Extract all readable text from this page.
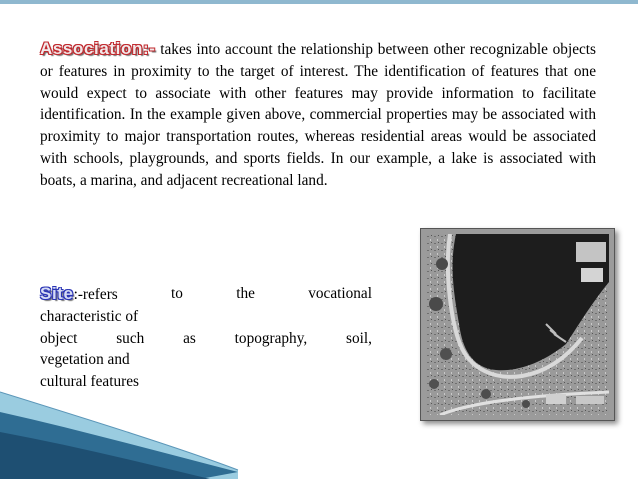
Association:- takes into account the relationship between other recognizable objects or features in proximity to the target of interest. The identification of features that one would expect to associate with other features may provide information to facilitate identification. In the example given above, commercial properties may be associated with proximity to major transportation routes, whereas residential areas would be associated with schools, playgrounds, and sports fields. In our example, a lake is associated with boats, a marina, and adjacent recreational land.

Site:-refers	to	the	vocational
characteristic of
object	such	as	topography,	soil,
vegetation and
cultural features
